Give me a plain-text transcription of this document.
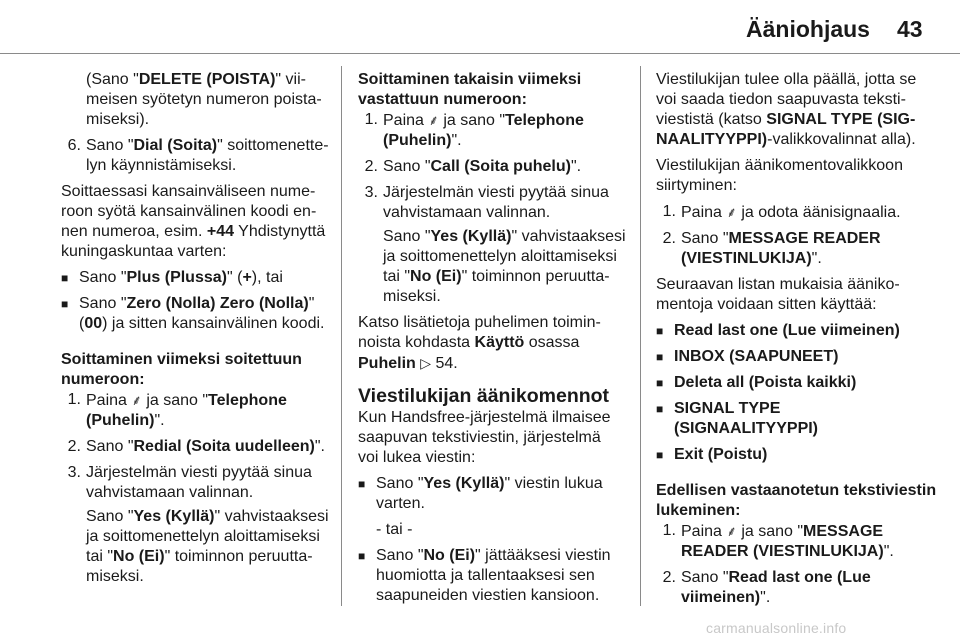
Ääniohjaus 43

(Sano "DELETE (POISTA)" vii-

meisen syötetyn numeron poista-

miseksi).

6. Sano "Dial (Soita)" soittomenette-

lyn käynnistämiseksi.

Soittaessasi kansainväliseen nume-

roon syötä kansainvälinen koodi en-

nen numeroa, esim. +44 Yhdistynyttä

kuningaskuntaa varten:

■ Sano "Plus (Plussa)" (+), tai

■ Sano "Zero (Nolla) Zero (Nolla)"

(00) ja sitten kansainvälinen koodi.

Soittaminen viimeksi soitettuun

numeroon:

1. Paina ⸙ ja sano "Telephone

(Puhelin)".

2. Sano "Redial (Soita uudelleen)".

3. Järjestelmän viesti pyytää sinua

vahvistamaan valinnan.

Sano "Yes (Kyllä)" vahvistaaksesi

ja soittomenettelyn aloittamiseksi

tai "No (Ei)" toiminnon peruutta-

miseksi.

Soittaminen takaisin viimeksi

vastattuun numeroon:

1. Paina ⸙ ja sano "Telephone

(Puhelin)".

2. Sano "Call (Soita puhelu)".

3. Järjestelmän viesti pyytää sinua

vahvistamaan valinnan.

Sano "Yes (Kyllä)" vahvistaaksesi

ja soittomenettelyn aloittamiseksi

tai "No (Ei)" toiminnon peruutta-

miseksi.

Katso lisätietoja puhelimen toimin-

noista kohdasta Käyttö osassa

Puhelin ▷ 54.

Viestilukijan äänikomennot

Kun Handsfree-järjestelmä ilmaisee

saapuvan tekstiviestin, järjestelmä

voi lukea viestin:

■ Sano "Yes (Kyllä)" viestin lukua

varten.

- tai -

■ Sano "No (Ei)" jättääksesi viestin

huomiotta ja tallentaaksesi sen

saapuneiden viestien kansioon.

Viestilukijan tulee olla päällä, jotta se

voi saada tiedon saapuvasta teksti-

viestistä (katso SIGNAL TYPE (SIG-

NAALITYYPPI)-valikkovalinnat alla).

Viestilukijan äänikomentovalikkoon

siirtyminen:

1. Paina ⸙ ja odota äänisignaalia.

2. Sano "MESSAGE READER

(VIESTINLUKIJA)".

Seuraavan listan mukaisia ääniko-

mentoja voidaan sitten käyttää:

■ Read last one (Lue viimeinen)

■ INBOX (SAAPUNEET)

■ Deleta all (Poista kaikki)

■ SIGNAL TYPE

(SIGNAALITYYPPI)

■ Exit (Poistu)

Edellisen vastaanotetun tekstiviestin

lukeminen:

1. Paina ⸙ ja sano "MESSAGE

READER (VIESTINLUKIJA)".

2. Sano "Read last one (Lue

viimeinen)".

carmanualsonline.info
